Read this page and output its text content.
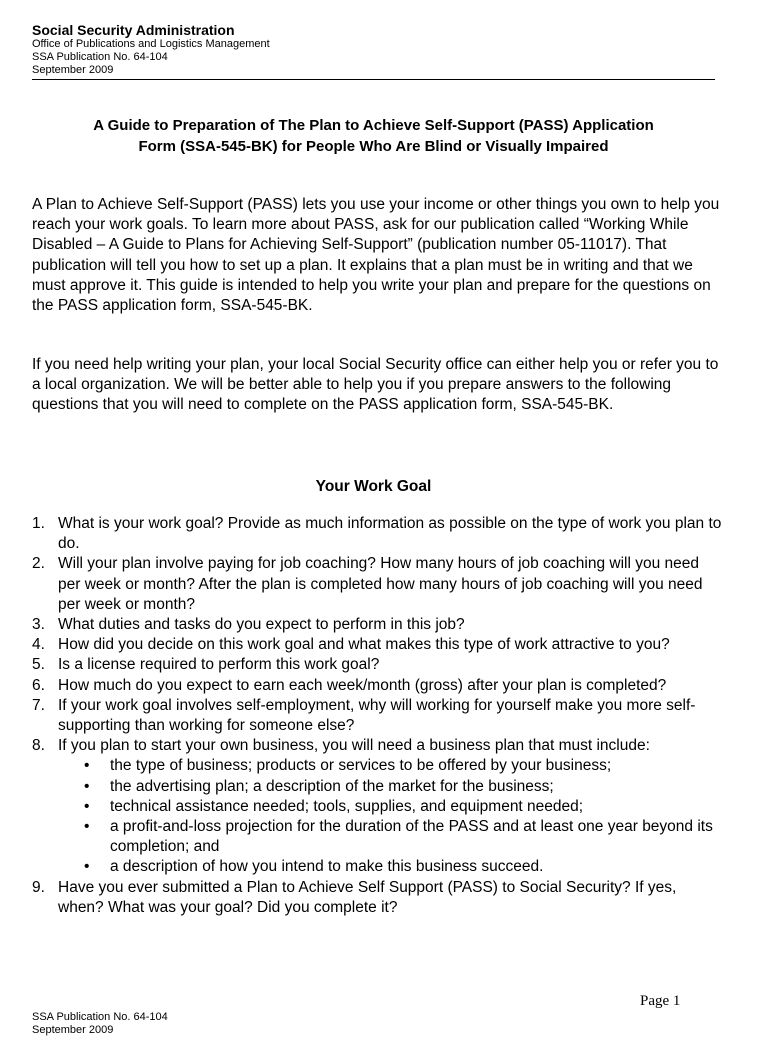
Social Security Administration
Office of Publications and Logistics Management
SSA Publication No. 64-104
September 2009
A Guide to Preparation of The Plan to Achieve Self-Support (PASS) Application
Form (SSA-545-BK) for People Who Are Blind or Visually Impaired

A Plan to Achieve Self-Support (PASS) lets you use your income or other things you own to help you reach your work goals. To learn more about PASS, ask for our publication called “Working While Disabled – A Guide to Plans for Achieving Self-Support” (publication number 05-11017). That publication will tell you how to set up a plan. It explains that a plan must be in writing and that we must approve it. This guide is intended to help you write your plan and prepare for the questions on the PASS application form, SSA-545-BK.

If you need help writing your plan, your local Social Security office can either help you or refer you to a local organization. We will be better able to help you if you prepare answers to the following questions that you will need to complete on the PASS application form, SSA-545-BK.

Your Work Goal
1. What is your work goal? Provide as much information as possible on the type of work you plan to do.
2. Will your plan involve paying for job coaching? How many hours of job coaching will you need per week or month? After the plan is completed how many hours of job coaching will you need per week or month?
3. What duties and tasks do you expect to perform in this job?
4. How did you decide on this work goal and what makes this type of work attractive to you?
5. Is a license required to perform this work goal?
6. How much do you expect to earn each week/month (gross) after your plan is completed?
7. If your work goal involves self-employment, why will working for yourself make you more self-supporting than working for someone else?
8. If you plan to start your own business, you will need a business plan that must include:
• the type of business; products or services to be offered by your business;
• the advertising plan; a description of the market for the business;
• technical assistance needed; tools, supplies, and equipment needed;
• a profit-and-loss projection for the duration of the PASS and at least one year beyond its completion; and
• a description of how you intend to make this business succeed.
9. Have you ever submitted a Plan to Achieve Self Support (PASS) to Social Security? If yes, when? What was your goal? Did you complete it?
Page 1
SSA Publication No. 64-104
September 2009
